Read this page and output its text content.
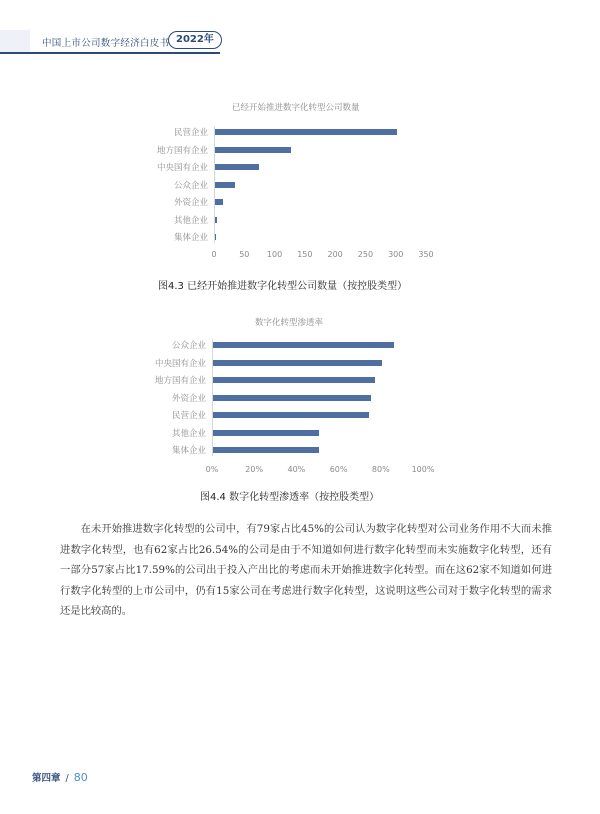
中国上市公司数字经济白皮书 2022年
已经开始推进数字化转型公司数量
民营企业
地方国有企业
中央国有企业
公众企业
外资企业
其他企业
集体企业
0	50	100	150	200	250	300	350
图4.3 已经开始推进数字化转型公司数量（按控股类型）
数字化转型渗透率
公众企业
中央国有企业
地方国有企业
外资企业
民营企业
其他企业
集体企业
0%	20%	40%	60%	80%	100%
图4.4 数字化转型渗透率（按控股类型）

在未开始推进数字化转型的公司中，有79家占比45%的公司认为数字化转型对公司业务作用不大而未推进数字化转型，也有62家占比26.54%的公司是由于不知道如何进行数字化转型而未实施数字化转型，还有一部分57家占比17.59%的公司出于投入产出比的考虑而未开始推进数字化转型。而在这62家不知道如何进行数字化转型的上市公司中，仍有15家公司在考虑进行数字化转型，这说明这些公司对于数字化转型的需求还是比较高的。

第四章 / 80
